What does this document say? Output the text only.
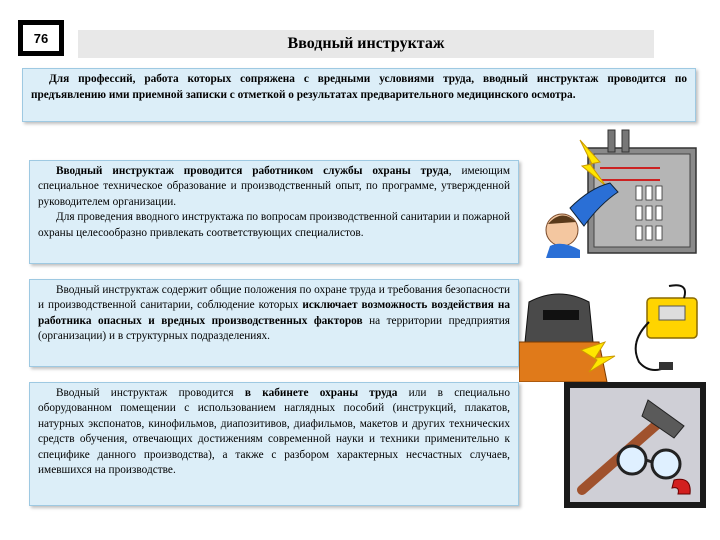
76	Вводный инструктаж

Для профессий, работа которых сопряжена с вредными условиями труда, вводный инструктаж проводится по предъявлению ими приемной записки с отметкой о результатах предварительного медицинского осмотра.

Вводный инструктаж проводится работником службы охраны труда, имеющим специальное техническое образование и производственный опыт, по программе, утвержденной руководителем организации.

Для проведения вводного инструктажа по вопросам производственной санитарии и пожарной охраны целесообразно привлекать соответствующих специалистов.

Вводный инструктаж содержит общие положения по охране труда и требования безопасности и производственной санитарии, соблюдение которых исключает возможность воздействия на работника опасных и вредных производственных факторов на территории предприятия (организации) и в структурных подразделениях.

Вводный инструктаж проводится в кабинете охраны труда или в специально оборудованном помещении с использованием наглядных пособий (инструкций, плакатов, натурных экспонатов, кинофильмов, диапозитивов, диафильмов, макетов и других технических средств обучения, отвечающих достижениям современной науки и техники применительно к специфике данного производства), а также с разбором характерных несчастных случаев, имевшихся на производстве.
